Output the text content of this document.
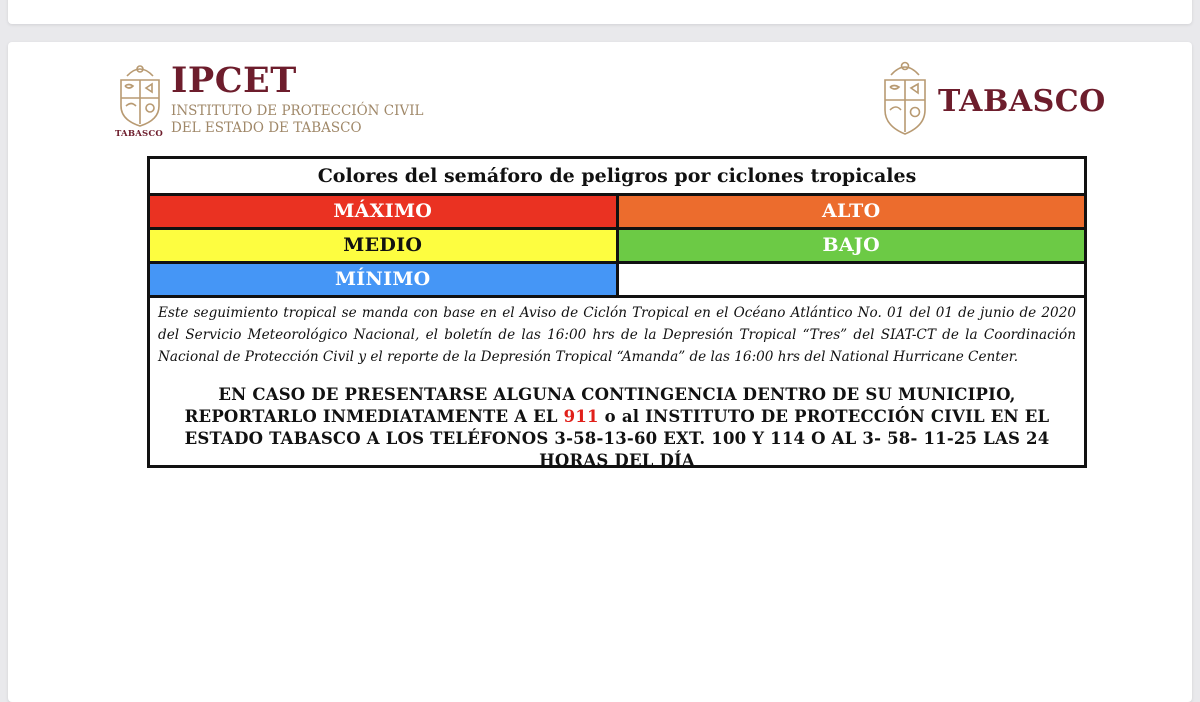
TABASCO
IPCET
INSTITUTO DE PROTECCIÓN CIVIL
DEL ESTADO DE TABASCO
TABASCO
Colores del semáforo de peligros por ciclones tropicales
MÁXIMO	ALTO
MEDIO	BAJO
MÍNIMO
Este seguimiento tropical se manda con base en el Aviso de Ciclón Tropical en el Océano Atlántico No. 01 del 01 de junio de 2020 del Servicio Meteorológico Nacional, el boletín de las 16:00 hrs de la Depresión Tropical “Tres” del SIAT-CT de la Coordinación Nacional de Protección Civil y el reporte de la Depresión Tropical “Amanda” de las 16:00 hrs del National Hurricane Center.
EN CASO DE PRESENTARSE ALGUNA CONTINGENCIA DENTRO DE SU MUNICIPIO, REPORTARLO INMEDIATAMENTE A EL 911 o al INSTITUTO DE PROTECCIÓN CIVIL EN EL ESTADO TABASCO A LOS TELÉFONOS 3-58-13-60 EXT. 100 Y 114 O AL 3- 58- 11-25 LAS 24 HORAS DEL DÍA
